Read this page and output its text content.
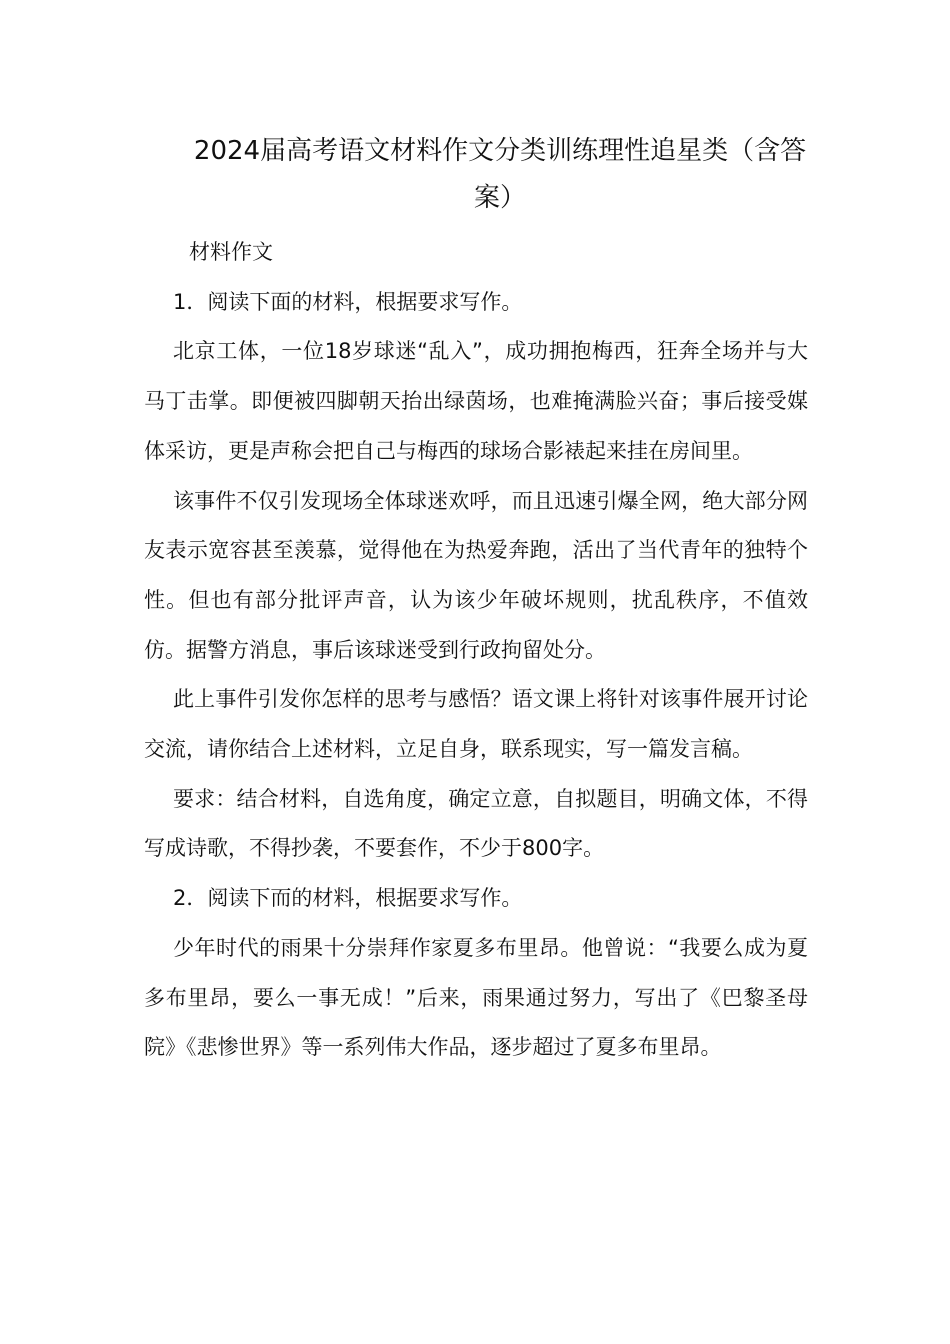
2024届高考语文材料作文分类训练理性追星类（含答案）

材料作文

1．阅读下面的材料，根据要求写作。

北京工体，一位18岁球迷“乱入”，成功拥抱梅西，狂奔全场并与大马丁击掌。即便被四脚朝天抬出绿茵场，也难掩满脸兴奋；事后接受媒体采访，更是声称会把自己与梅西的球场合影裱起来挂在房间里。

该事件不仅引发现场全体球迷欢呼，而且迅速引爆全网，绝大部分网友表示宽容甚至羡慕，觉得他在为热爱奔跑，活出了当代青年的独特个性。但也有部分批评声音，认为该少年破坏规则，扰乱秩序，不值效仿。据警方消息，事后该球迷受到行政拘留处分。

此上事件引发你怎样的思考与感悟？语文课上将针对该事件展开讨论交流，请你结合上述材料，立足自身，联系现实，写一篇发言稿。

要求：结合材料，自选角度，确定立意，自拟题目，明确文体，不得写成诗歌，不得抄袭，不要套作，不少于800字。

2．阅读下而的材料，根据要求写作。

少年时代的雨果十分崇拜作家夏多布里昂。他曾说：“我要么成为夏多布里昂，要么一事无成！”后来，雨果通过努力，写出了《巴黎圣母院》《悲惨世界》等一系列伟大作品，逐步超过了夏多布里昂。
